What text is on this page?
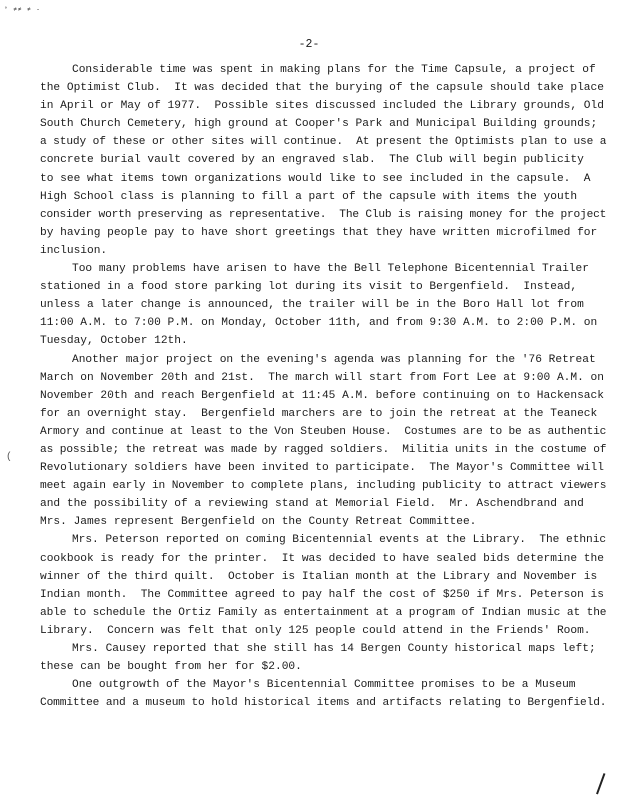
° ≠≠ ≠ -
-2-
Considerable time was spent in making plans for the Time Capsule, a project of
the Optimist Club.  It was decided that the burying of the capsule should take place
in April or May of 1977.  Possible sites discussed included the Library grounds, Old
South Church Cemetery, high ground at Cooper's Park and Municipal Building grounds;
a study of these or other sites will continue.  At present the Optimists plan to use a
concrete burial vault covered by an engraved slab.  The Club will begin publicity
to see what items town organizations would like to see included in the capsule.  A
High School class is planning to fill a part of the capsule with items the youth
consider worth preserving as representative.  The Club is raising money for the project
by having people pay to have short greetings that they have written microfilmed for
inclusion.
Too many problems have arisen to have the Bell Telephone Bicentennial Trailer
stationed in a food store parking lot during its visit to Bergenfield.  Instead,
unless a later change is announced, the trailer will be in the Boro Hall lot from
11:00 A.M. to 7:00 P.M. on Monday, October 11th, and from 9:30 A.M. to 2:00 P.M. on
Tuesday, October 12th.
Another major project on the evening's agenda was planning for the '76 Retreat
March on November 20th and 21st.  The march will start from Fort Lee at 9:00 A.M. on
November 20th and reach Bergenfield at 11:45 A.M. before continuing on to Hackensack
for an overnight stay.  Bergenfield marchers are to join the retreat at the Teaneck
Armory and continue at least to the Von Steuben House.  Costumes are to be as authentic
as possible; the retreat was made by ragged soldiers.  Militia units in the costume of
Revolutionary soldiers have been invited to participate.  The Mayor's Committee will
meet again early in November to complete plans, including publicity to attract viewers
and the possibility of a reviewing stand at Memorial Field.  Mr. Aschendbrand and
Mrs. James represent Bergenfield on the County Retreat Committee.
Mrs. Peterson reported on coming Bicentennial events at the Library.  The ethnic
cookbook is ready for the printer.  It was decided to have sealed bids determine the
winner of the third quilt.  October is Italian month at the Library and November is
Indian month.  The Committee agreed to pay half the cost of $250 if Mrs. Peterson is
able to schedule the Ortiz Family as entertainment at a program of Indian music at the
Library.  Concern was felt that only 125 people could attend in the Friends' Room.
Mrs. Causey reported that she still has 14 Bergen County historical maps left;
these can be bought from her for $2.00.
One outgrowth of the Mayor's Bicentennial Committee promises to be a Museum
Committee and a museum to hold historical items and artifacts relating to Bergenfield.
(
